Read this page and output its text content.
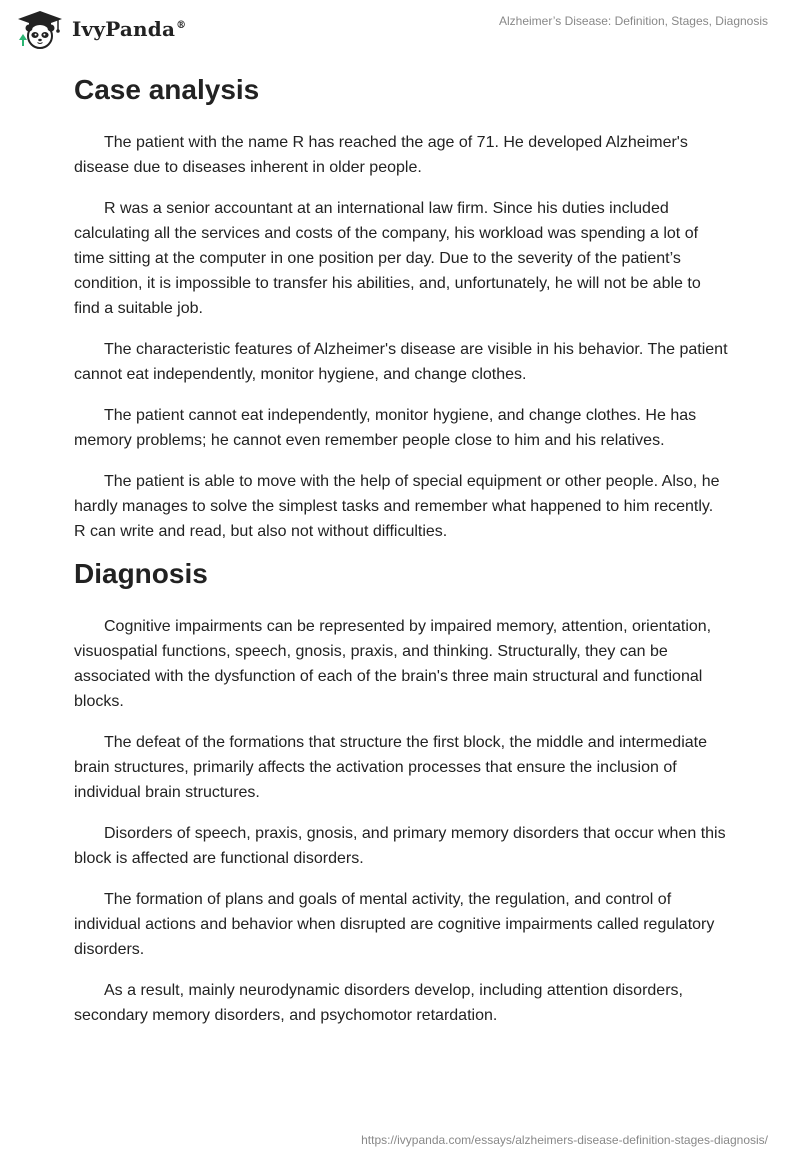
IvyPanda®	Alzheimer’s Disease: Definition, Stages, Diagnosis
Case analysis

The patient with the name R has reached the age of 71. He developed Alzheimer's disease due to diseases inherent in older people.

R was a senior accountant at an international law firm. Since his duties included calculating all the services and costs of the company, his workload was spending a lot of time sitting at the computer in one position per day. Due to the severity of the patient’s condition, it is impossible to transfer his abilities, and, unfortunately, he will not be able to find a suitable job.

The characteristic features of Alzheimer's disease are visible in his behavior. The patient cannot eat independently, monitor hygiene, and change clothes.

The patient cannot eat independently, monitor hygiene, and change clothes. He has memory problems; he cannot even remember people close to him and his relatives.

The patient is able to move with the help of special equipment or other people. Also, he hardly manages to solve the simplest tasks and remember what happened to him recently. R can write and read, but also not without difficulties.

Diagnosis

Cognitive impairments can be represented by impaired memory, attention, orientation, visuospatial functions, speech, gnosis, praxis, and thinking. Structurally, they can be associated with the dysfunction of each of the brain's three main structural and functional blocks.

The defeat of the formations that structure the first block, the middle and intermediate brain structures, primarily affects the activation processes that ensure the inclusion of individual brain structures.

Disorders of speech, praxis, gnosis, and primary memory disorders that occur when this block is affected are functional disorders.

The formation of plans and goals of mental activity, the regulation, and control of individual actions and behavior when disrupted are cognitive impairments called regulatory disorders.

As a result, mainly neurodynamic disorders develop, including attention disorders, secondary memory disorders, and psychomotor retardation.

https://ivypanda.com/essays/alzheimers-disease-definition-stages-diagnosis/
